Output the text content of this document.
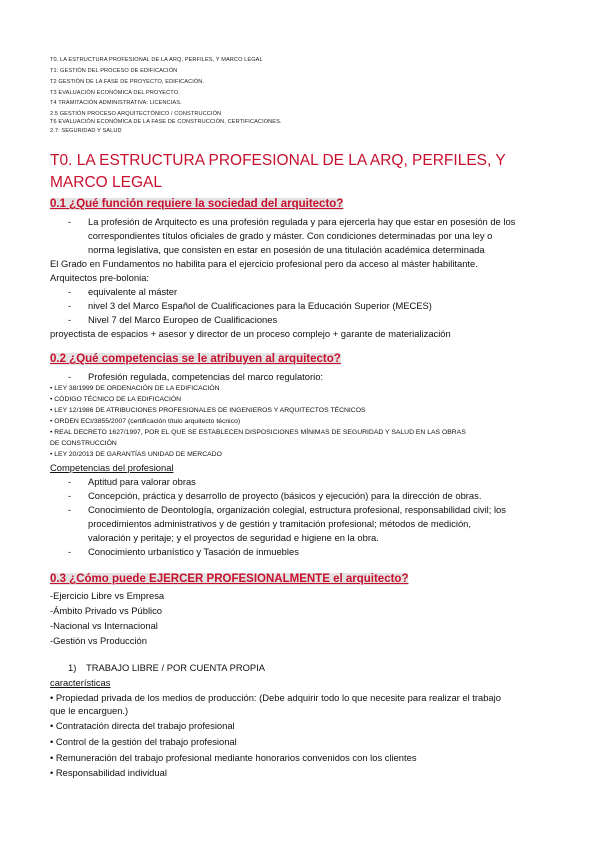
T0. LA ESTRUCTURA PROFESIONAL DE LA ARQ, PERFILES, Y MARCO LEGAL
T1: GESTIÓN DEL PROCESO DE EDIFICACIÓN
T2 GESTIÓN DE LA FASE DE PROYECTO, EDIFICACIÓN.
T3 EVALUACIÓN ECONÓMICA DEL PROYECTO.
T4 TRAMITACIÓN ADMINISTRATIVA: LICENCIAS.
2.5 GESTIÓN PROCESO ARQUITECTÓNICO / CONSTRUCCIÓN
T6 EVALUACIÓN ECONÓMICA DE LA FASE DE CONSTRUCCIÓN, CERTIFICACIONES.
2.7: SEGURIDAD Y SALUD
T0. LA ESTRUCTURA PROFESIONAL DE LA ARQ, PERFILES, Y
MARCO LEGAL
0.1 ¿Qué función requiere la sociedad del arquitecto?
- La profesión de Arquitecto es una profesión regulada y para ejercerla hay que estar en posesión de los
correspondientes títulos oficiales de grado y máster. Con condiciones determinadas por una ley o
norma legislativa, que consisten en estar en posesión de una titulación académica determinada
El Grado en Fundamentos no habilita para el ejercicio profesional pero da acceso al máster habilitante.
Arquitectos pre-bolonia:
- equivalente al máster
- nivel 3 del Marco Español de Cualificaciones para la Educación Superior (MECES)
- Nivel 7 del Marco Europeo de Cualificaciones
proyectista de espacios + asesor y director de un proceso complejo + garante de materialización
0.2 ¿Qué competencias se le atribuyen al arquitecto?
- Profesión regulada, competencias del marco regulatorio:
• LEY 38/1999 DE ORDENACIÓN DE LA EDIFICACIÓN
• CÓDIGO TÉCNICO DE LA EDIFICACIÓN
• LEY 12/1986 DE ATRIBUCIONES PROFESIONALES DE INGENIEROS Y ARQUITECTOS TÉCNICOS
• ORDEN ECI/3855/2007 (certificación título arquitecto técnico)
• REAL DECRETO 1627/1997, POR EL QUE SE ESTABLECEN DISPOSICIONES MÍNIMAS DE SEGURIDAD Y SALUD EN LAS OBRAS
DE CONSTRUCCIÓN
• LEY 20/2013 DE GARANTÍAS UNIDAD DE MERCADO
Competencias del profesional
- Aptitud para valorar obras
- Concepción, práctica y desarrollo de proyecto (básicos y ejecución) para la dirección de obras.
- Conocimiento de Deontología, organización colegial, estructura profesional, responsabilidad civil; los
procedimientos administrativos y de gestión y tramitación profesional; métodos de medición,
valoración y peritaje; y el proyectos de seguridad e higiene en la obra.
- Conocimiento urbanístico y Tasación de inmuebles
0.3 ¿Cómo puede EJERCER PROFESIONALMENTE el arquitecto?
-Ejercicio Libre vs Empresa
-Ámbito Privado vs Público
-Nacional vs Internacional
-Gestión vs Producción
1) TRABAJO LIBRE / POR CUENTA PROPIA
características
• Propiedad privada de los medios de producción: (Debe adquirir todo lo que necesite para realizar el trabajo
que le encarguen.)
• Contratación directa del trabajo profesional
• Control de la gestión del trabajo profesional
• Remuneración del trabajo profesional mediante honorarios convenidos con los clientes
• Responsabilidad individual
